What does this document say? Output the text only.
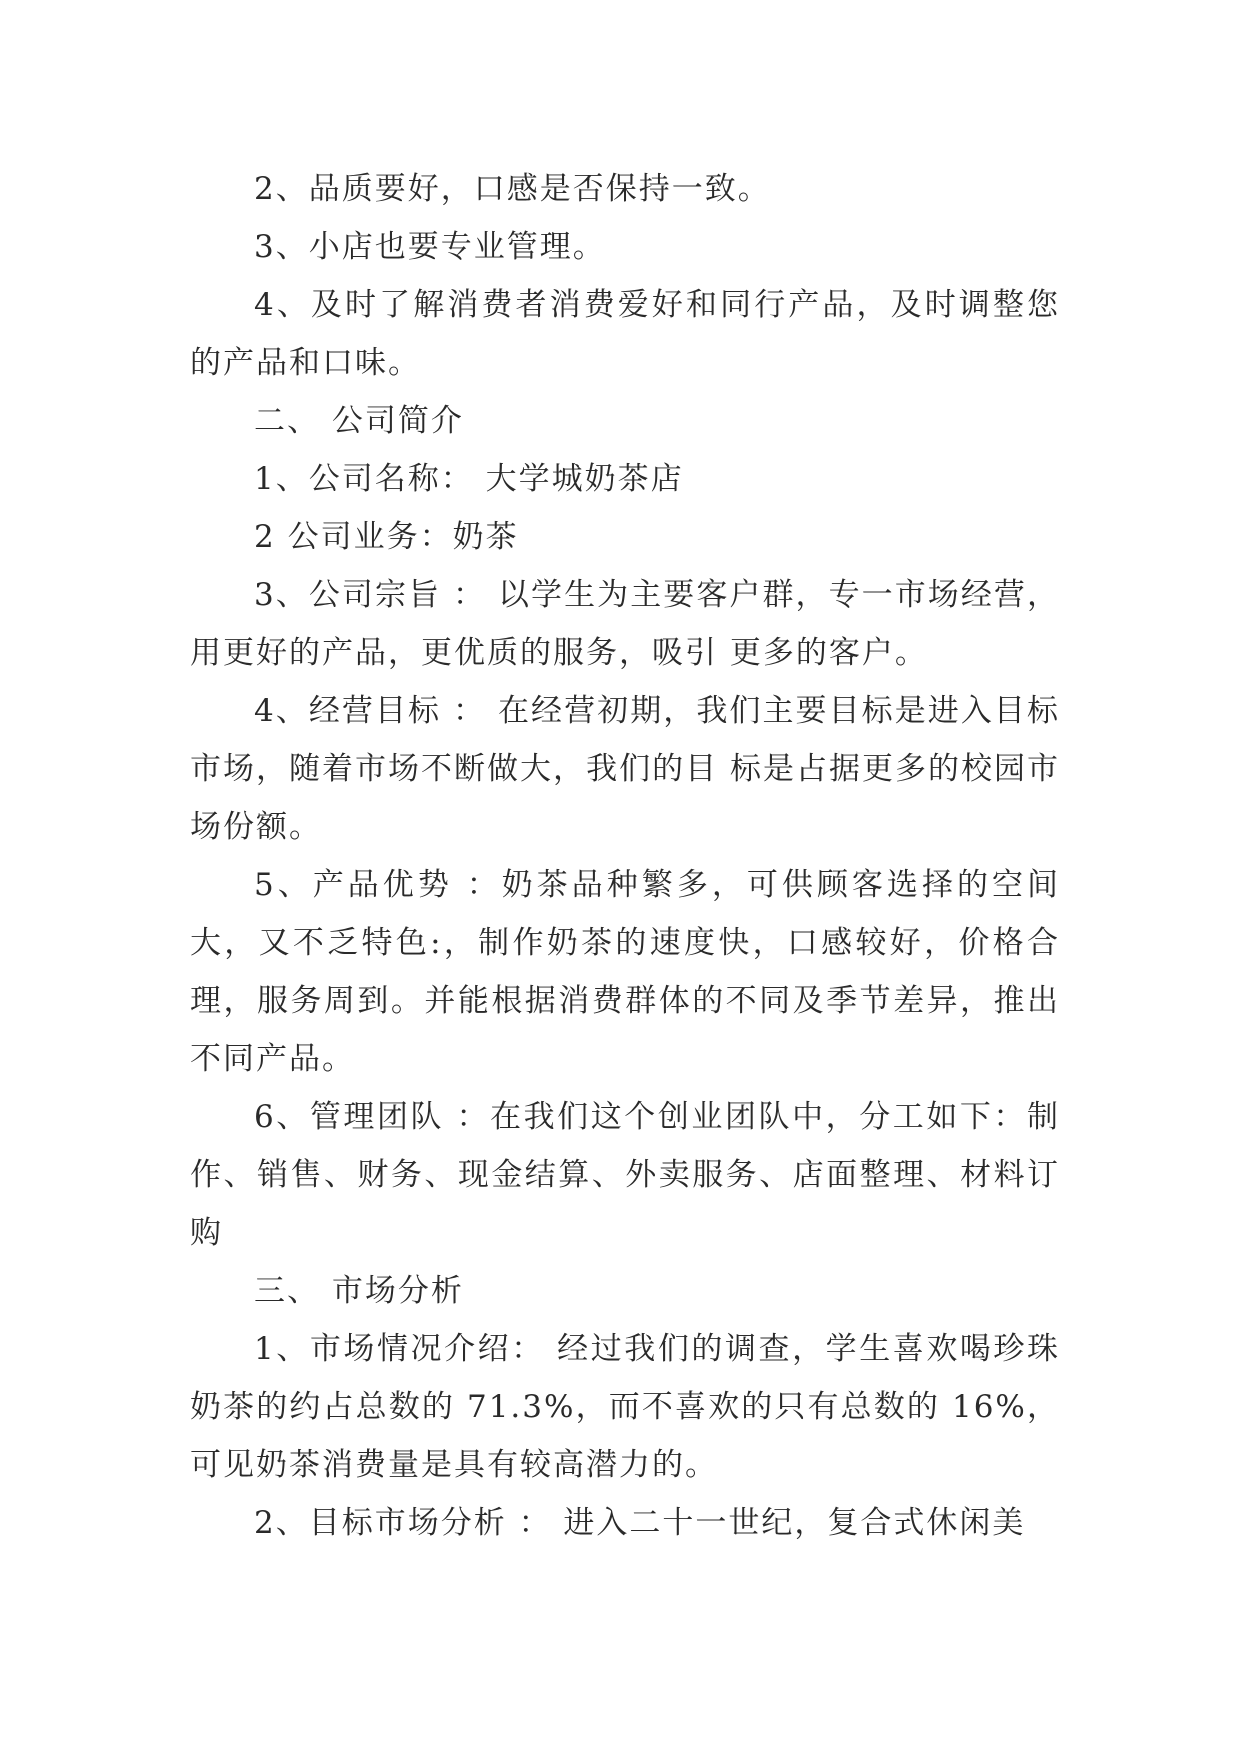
2、品质要好，口感是否保持一致。

3、小店也要专业管理。

4、及时了解消费者消费爱好和同行产品，及时调整您的产品和口味。

二、 公司简介

1、公司名称： 大学城奶茶店

2 公司业务：奶茶

3、公司宗旨 ： 以学生为主要客户群，专一市场经营，用更好的产品，更优质的服务，吸引 更多的客户。

4、经营目标 ： 在经营初期，我们主要目标是进入目标市场，随着市场不断做大，我们的目 标是占据更多的校园市场份额。

5、产品优势 ：奶茶品种繁多，可供顾客选择的空间大，又不乏特色:，制作奶茶的速度快，口感较好，价格合理，服务周到。并能根据消费群体的不同及季节差异，推出不同产品。

6、管理团队 ：在我们这个创业团队中，分工如下：制作、销售、财务、现金结算、外卖服务、店面整理、材料订购

三、 市场分析

1、市场情况介绍： 经过我们的调查，学生喜欢喝珍珠奶茶的约占总数的 71.3%，而不喜欢的只有总数的 16%，可见奶茶消费量是具有较高潜力的。

2、目标市场分析 ： 进入二十一世纪，复合式休闲美
